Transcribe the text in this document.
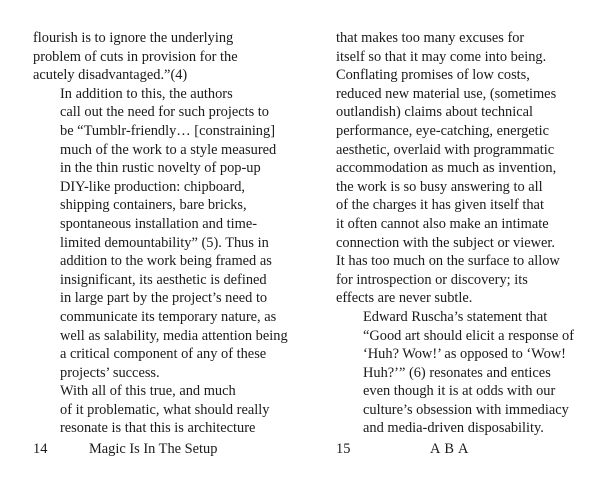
flourish is to ignore the underlying
problem of cuts in provision for the
acutely disadvantaged.”(4)

In addition to this, the authors
call out the need for such projects to
be “Tumblr-friendly… [constraining]
much of the work to a style measured
in the thin rustic novelty of pop-up
DIY-like production: chipboard,
shipping containers, bare bricks,
spontaneous installation and time-
limited demountability” (5). Thus in
addition to the work being framed as
insignificant, its aesthetic is defined
in large part by the project’s need to
communicate its temporary nature, as
well as salability, media attention being
a critical component of any of these
projects’ success.

With all of this true, and much
of it problematic, what should really
resonate is that this is architecture

that makes too many excuses for
itself so that it may come into being.
Conflating promises of low costs,
reduced new material use, (sometimes
outlandish) claims about technical
performance, eye-catching, energetic
aesthetic, overlaid with programmatic
accommodation as much as invention,
the work is so busy answering to all
of the charges it has given itself that
it often cannot also make an intimate
connection with the subject or viewer.
It has too much on the surface to allow
for introspection or discovery; its
effects are never subtle.

Edward Ruscha’s statement that
“Good art should elicit a response of
‘Huh? Wow!’ as opposed to ‘Wow!
Huh?’” (6) resonates and entices
even though it is at odds with our
culture’s obsession with immediacy
and media-driven disposability.

14	Magic Is In The Setup	15	ABA
